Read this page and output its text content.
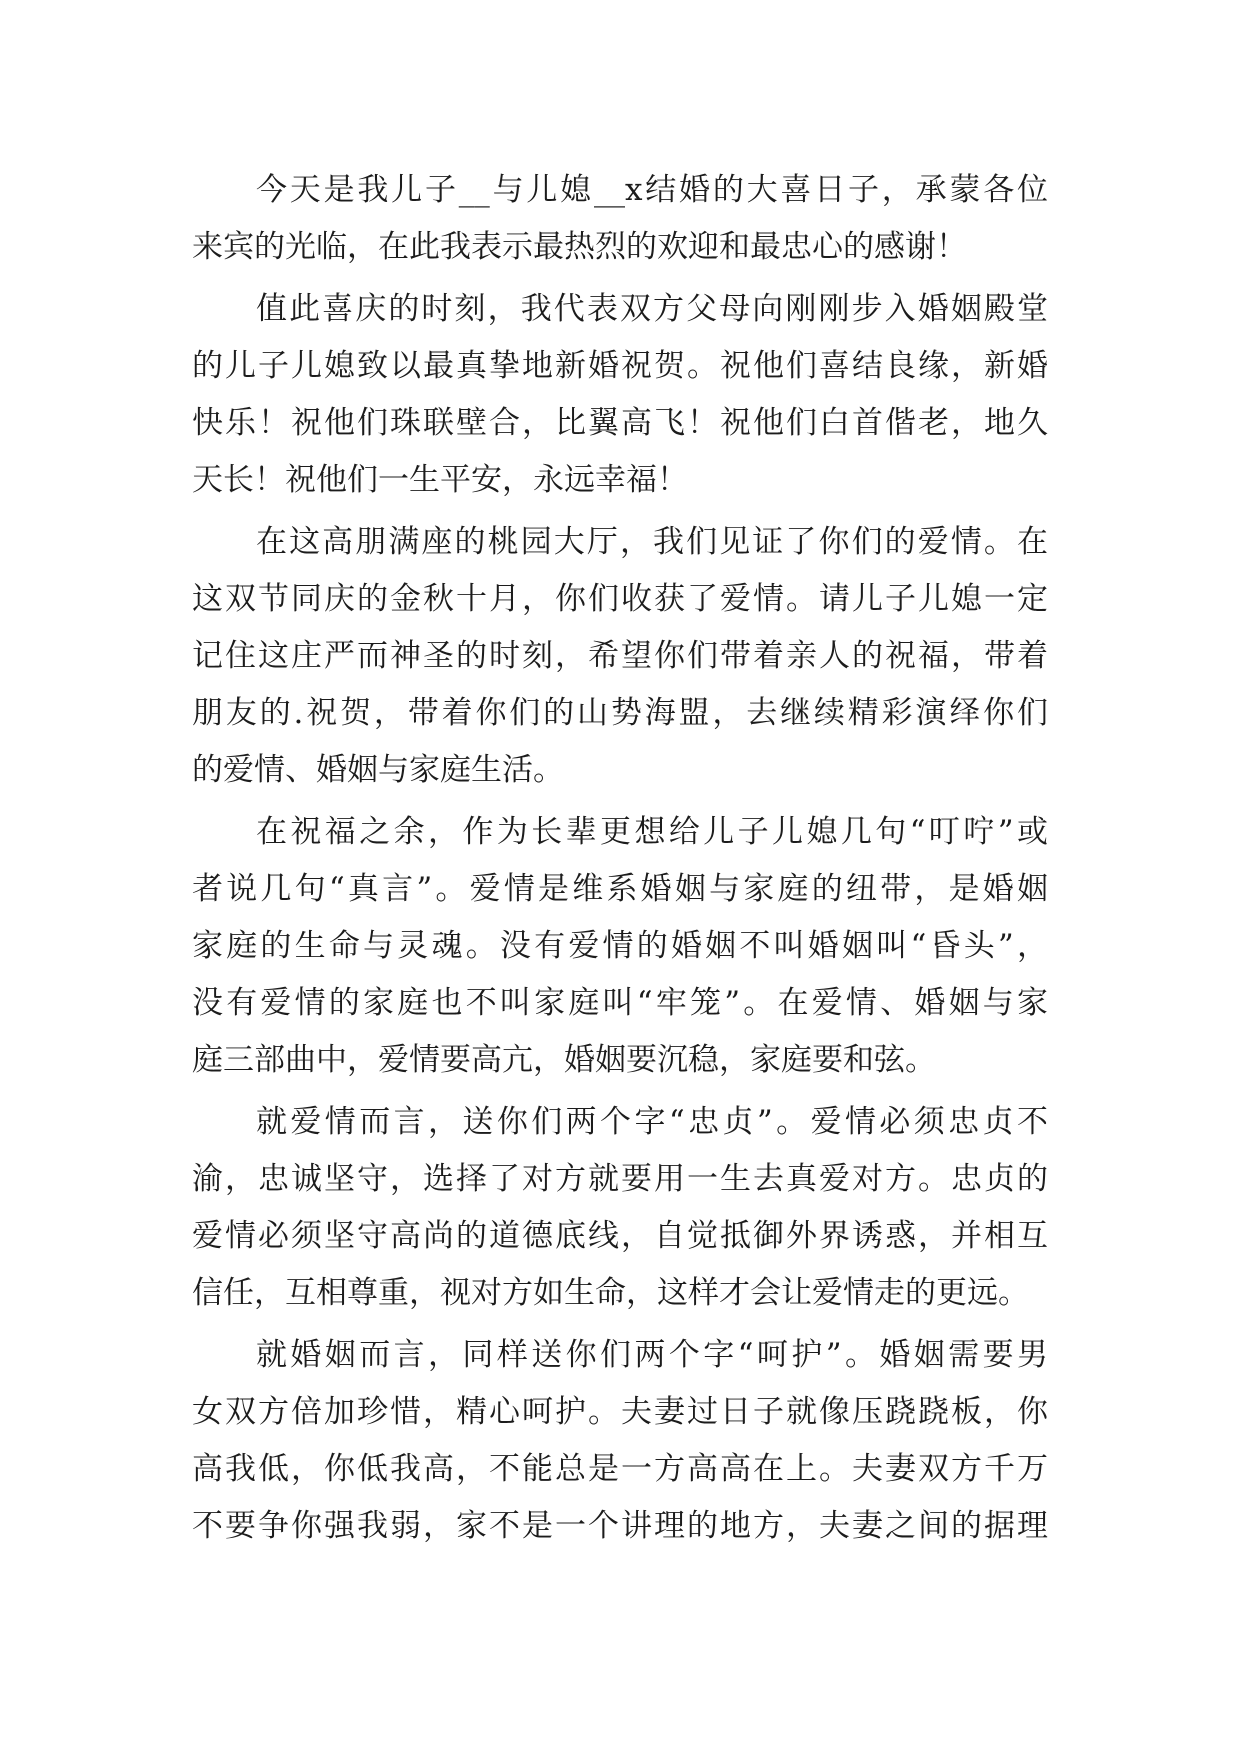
今天是我儿子__与儿媳__x结婚的大喜日子，承蒙各位
来宾的光临，在此我表示最热烈的欢迎和最忠心的感谢！
值此喜庆的时刻，我代表双方父母向刚刚步入婚姻殿堂
的儿子儿媳致以最真挚地新婚祝贺。祝他们喜结良缘，新婚
快乐！祝他们珠联壁合，比翼高飞！祝他们白首偕老，地久
天长！祝他们一生平安，永远幸福！
在这高朋满座的桃园大厅，我们见证了你们的爱情。在
这双节同庆的金秋十月，你们收获了爱情。请儿子儿媳一定
记住这庄严而神圣的时刻，希望你们带着亲人的祝福，带着
朋友的.祝贺，带着你们的山势海盟，去继续精彩演绎你们
的爱情、婚姻与家庭生活。
在祝福之余，作为长辈更想给儿子儿媳几句“叮咛”或
者说几句“真言”。爱情是维系婚姻与家庭的纽带，是婚姻
家庭的生命与灵魂。没有爱情的婚姻不叫婚姻叫“昏头”，
没有爱情的家庭也不叫家庭叫“牢笼”。在爱情、婚姻与家
庭三部曲中，爱情要高亢，婚姻要沉稳，家庭要和弦。
就爱情而言，送你们两个字“忠贞”。爱情必须忠贞不
渝，忠诚坚守，选择了对方就要用一生去真爱对方。忠贞的
爱情必须坚守高尚的道德底线，自觉抵御外界诱惑，并相互
信任，互相尊重，视对方如生命，这样才会让爱情走的更远。
就婚姻而言，同样送你们两个字“呵护”。婚姻需要男
女双方倍加珍惜，精心呵护。夫妻过日子就像压跷跷板，你
高我低，你低我高，不能总是一方高高在上。夫妻双方千万
不要争你强我弱，家不是一个讲理的地方，夫妻之间的据理
